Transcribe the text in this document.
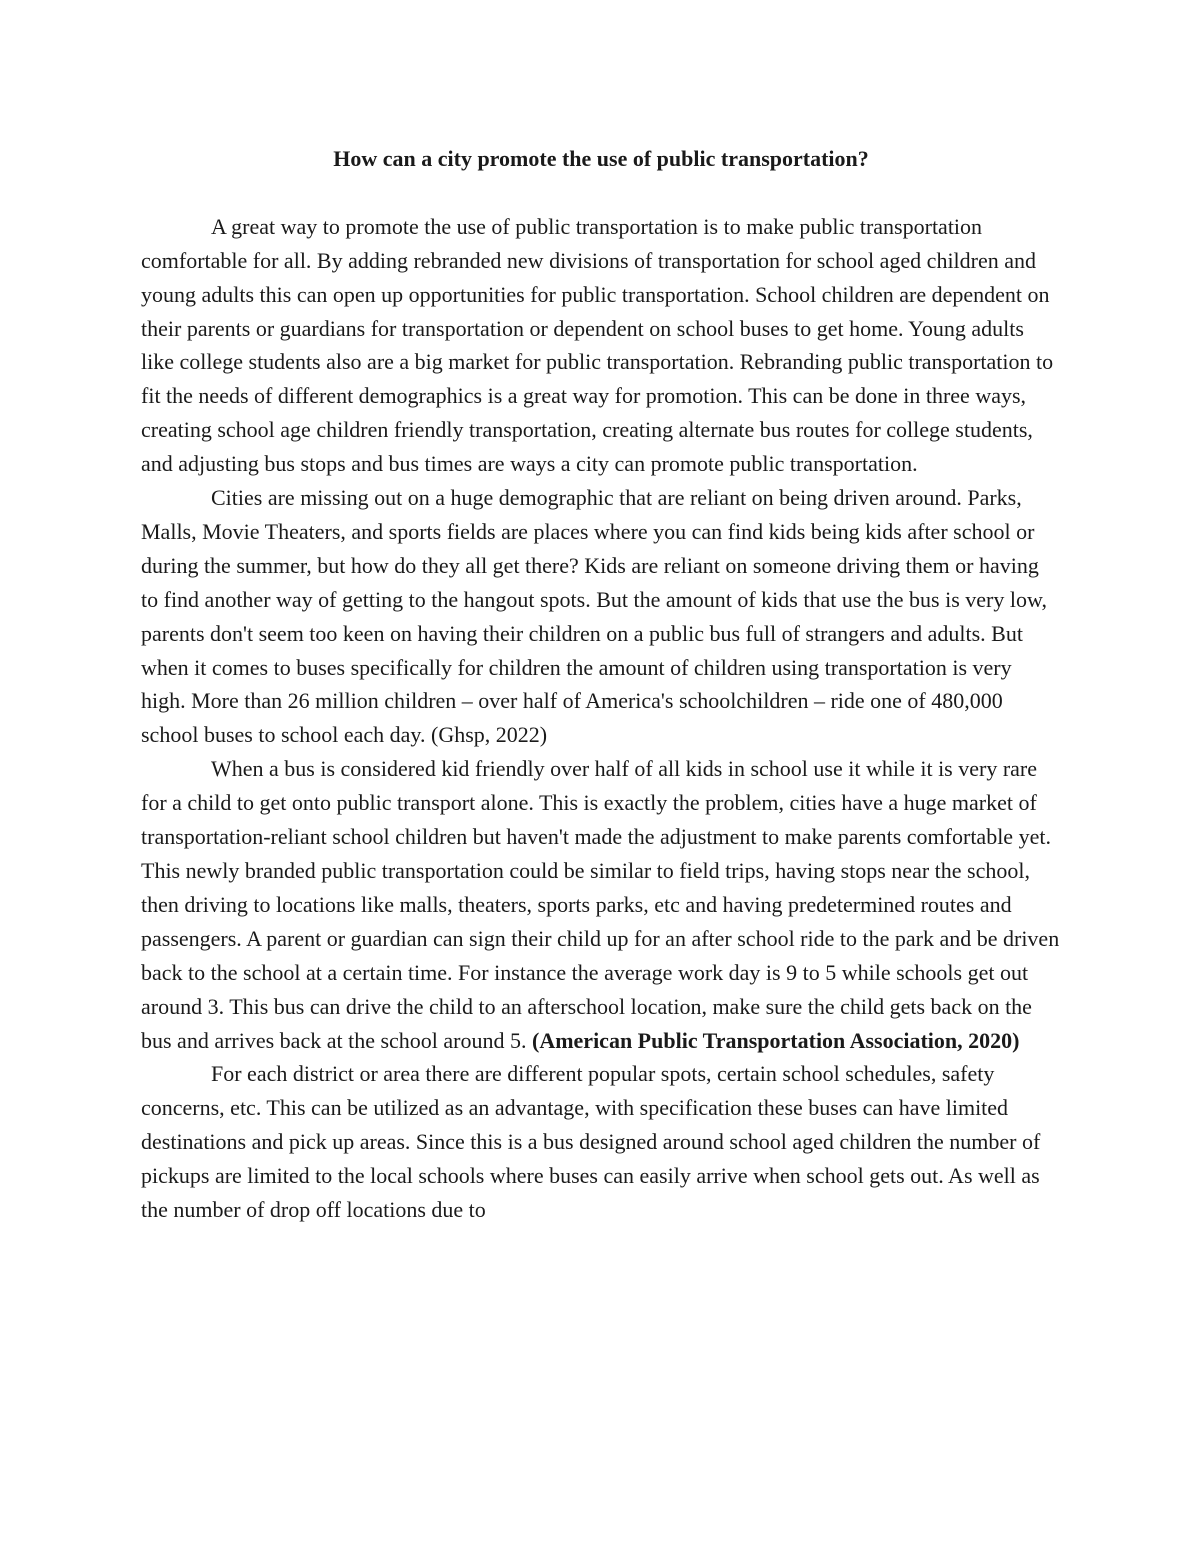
How can a city promote the use of public transportation?

A great way to promote the use of public transportation is to make public transportation comfortable for all. By adding rebranded new divisions of transportation for school aged children and young adults this can open up opportunities for public transportation. School children are dependent on their parents or guardians for transportation or dependent on school buses to get home. Young adults like college students also are a big market for public transportation. Rebranding public transportation to fit the needs of different demographics is a great way for promotion. This can be done in three ways, creating school age children friendly transportation, creating alternate bus routes for college students, and adjusting bus stops and bus times are ways a city can promote public transportation.

Cities are missing out on a huge demographic that are reliant on being driven around. Parks, Malls, Movie Theaters, and sports fields are places where you can find kids being kids after school or during the summer, but how do they all get there? Kids are reliant on someone driving them or having to find another way of getting to the hangout spots. But the amount of kids that use the bus is very low, parents don't seem too keen on having their children on a public bus full of strangers and adults. But when it comes to buses specifically for children the amount of children using transportation is very high. More than 26 million children – over half of America's schoolchildren – ride one of 480,000 school buses to school each day. (Ghsp, 2022)

When a bus is considered kid friendly over half of all kids in school use it while it is very rare for a child to get onto public transport alone. This is exactly the problem, cities have a huge market of transportation-reliant school children but haven't made the adjustment to make parents comfortable yet. This newly branded public transportation could be similar to field trips, having stops near the school, then driving to locations like malls, theaters, sports parks, etc and having predetermined routes and passengers. A parent or guardian can sign their child up for an after school ride to the park and be driven back to the school at a certain time. For instance the average work day is 9 to 5 while schools get out around 3. This bus can drive the child to an afterschool location, make sure the child gets back on the bus and arrives back at the school around 5. (American Public Transportation Association, 2020)

For each district or area there are different popular spots, certain school schedules, safety concerns, etc. This can be utilized as an advantage, with specification these buses can have limited destinations and pick up areas. Since this is a bus designed around school aged children the number of pickups are limited to the local schools where buses can easily arrive when school gets out. As well as the number of drop off locations due to
